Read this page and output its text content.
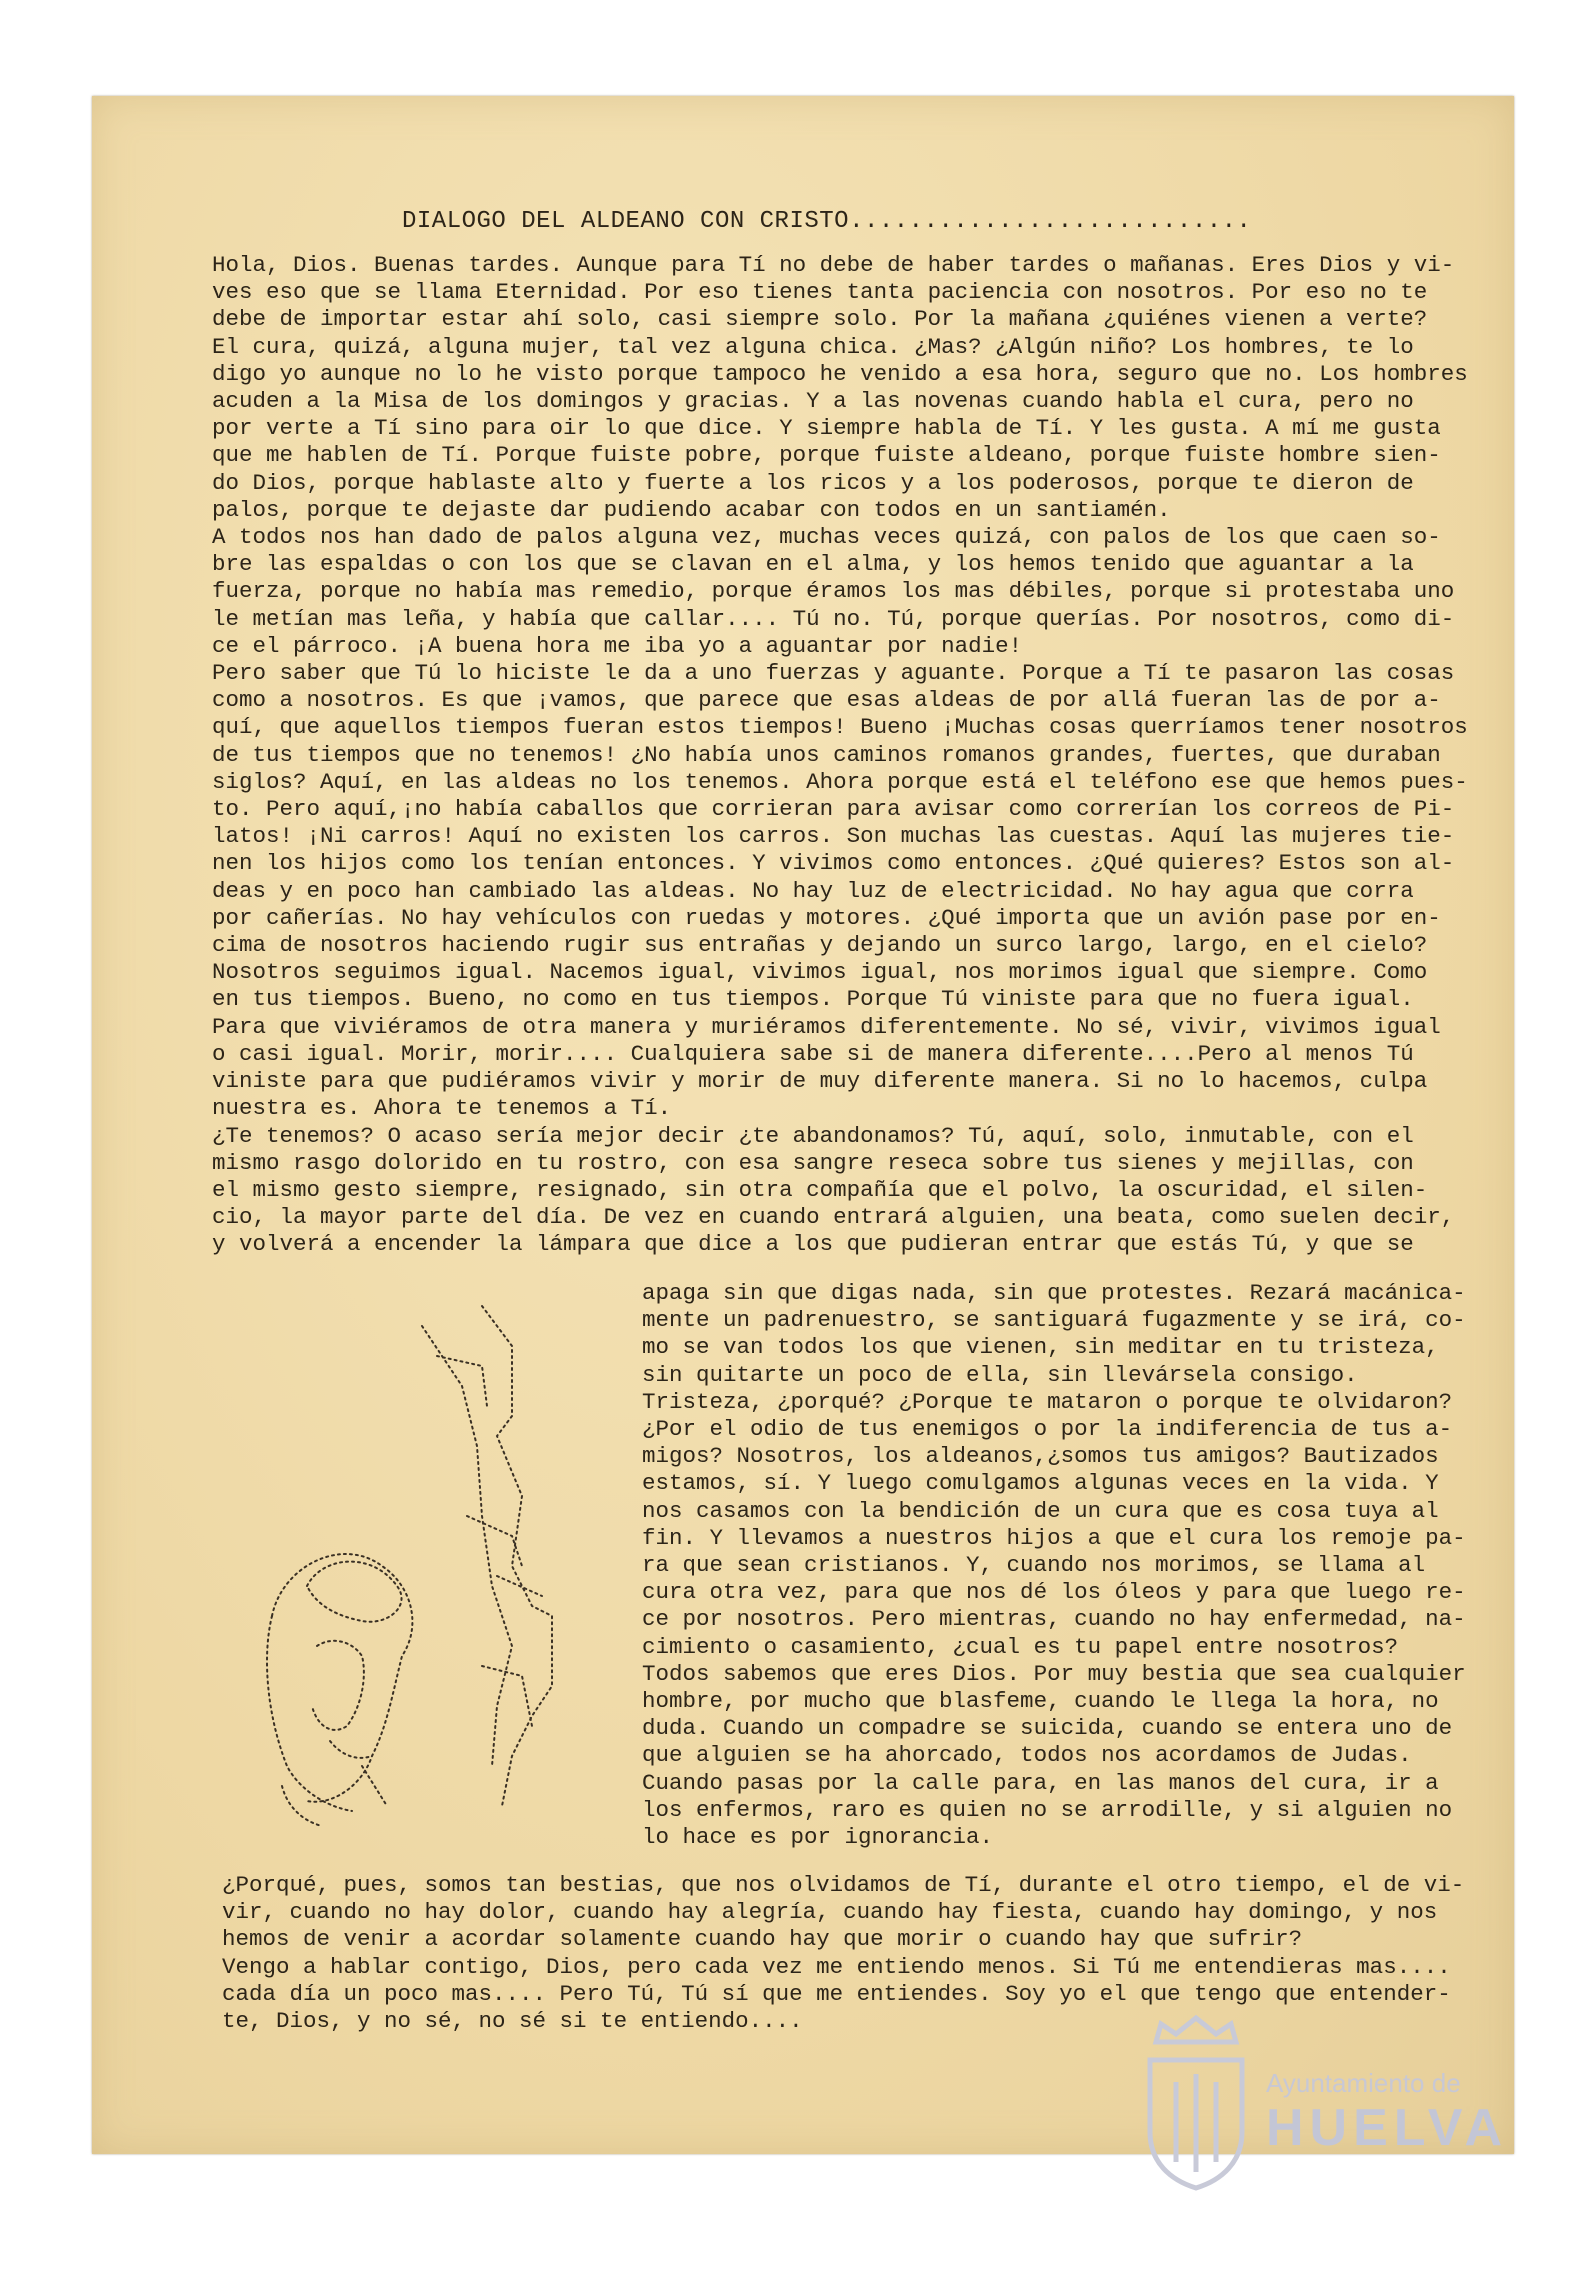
DIALOGO DEL ALDEANO CON CRISTO...........................

Hola, Dios. Buenas tardes. Aunque para Tí no debe de haber tardes o mañanas. Eres Dios y vi-

ves eso que se llama Eternidad. Por eso tienes tanta paciencia con nosotros. Por eso no te

debe de importar estar ahí solo, casi siempre solo. Por la mañana ¿quiénes vienen a verte?

El cura, quizá, alguna mujer, tal vez alguna chica. ¿Mas? ¿Algún niño? Los hombres, te lo

digo yo aunque no lo he visto porque tampoco he venido a esa hora, seguro que no. Los hombres

acuden a la Misa de los domingos y gracias. Y a las novenas cuando habla el cura, pero no

por verte a Tí sino para oir lo que dice. Y siempre habla de Tí. Y les gusta. A mí me gusta

que me hablen de Tí. Porque fuiste pobre, porque fuiste aldeano, porque fuiste hombre sien-

do Dios, porque hablaste alto y fuerte a los ricos y a los poderosos, porque te dieron de

palos, porque te dejaste dar pudiendo acabar con todos en un santiamén.

A todos nos han dado de palos alguna vez, muchas veces quizá, con palos de los que caen so-

bre las espaldas o con los que se clavan en el alma, y los hemos tenido que aguantar a la

fuerza, porque no había mas remedio, porque éramos los mas débiles, porque si protestaba uno

le metían mas leña, y había que callar.... Tú no. Tú, porque querías. Por nosotros, como di-

ce el párroco. ¡A buena hora me iba yo a aguantar por nadie!

Pero saber que Tú lo hiciste le da a uno fuerzas y aguante. Porque a Tí te pasaron las cosas

como a nosotros. Es que ¡vamos, que parece que esas aldeas de por allá fueran las de por a-

quí, que aquellos tiempos fueran estos tiempos! Bueno ¡Muchas cosas querríamos tener nosotros

de tus tiempos que no tenemos! ¿No había unos caminos romanos grandes, fuertes, que duraban

siglos? Aquí, en las aldeas no los tenemos. Ahora porque está el teléfono ese que hemos pues-

to. Pero aquí,¡no había caballos que corrieran para avisar como correrían los correos de Pi-

latos! ¡Ni carros! Aquí no existen los carros. Son muchas las cuestas. Aquí las mujeres tie-

nen los hijos como los tenían entonces. Y vivimos como entonces. ¿Qué quieres? Estos son al-

deas y en poco han cambiado las aldeas. No hay luz de electricidad. No hay agua que corra

por cañerías. No hay vehículos con ruedas y motores. ¿Qué importa que un avión pase por en-

cima de nosotros haciendo rugir sus entrañas y dejando un surco largo, largo, en el cielo?

Nosotros seguimos igual. Nacemos igual, vivimos igual, nos morimos igual que siempre. Como

en tus tiempos. Bueno, no como en tus tiempos. Porque Tú viniste para que no fuera igual.

Para que viviéramos de otra manera y muriéramos diferentemente. No sé, vivir, vivimos igual

o casi igual. Morir, morir.... Cualquiera sabe si de manera diferente....Pero al menos Tú

viniste para que pudiéramos vivir y morir de muy diferente manera. Si no lo hacemos, culpa

nuestra es. Ahora te tenemos a Tí.

¿Te tenemos? O acaso sería mejor decir ¿te abandonamos? Tú, aquí, solo, inmutable, con el

mismo rasgo dolorido en tu rostro, con esa sangre reseca sobre tus sienes y mejillas, con

el mismo gesto siempre, resignado, sin otra compañía que el polvo, la oscuridad, el silen-

cio, la mayor parte del día. De vez en cuando entrará alguien, una beata, como suelen decir,

y volverá a encender la lámpara que dice a los que pudieran entrar que estás Tú, y que se

apaga sin que digas nada, sin que protestes. Rezará macánica-

mente un padrenuestro, se santiguará fugazmente y se irá, co-

mo se van todos los que vienen, sin meditar en tu tristeza,

sin quitarte un poco de ella, sin llevársela consigo.

Tristeza, ¿porqué? ¿Porque te mataron o porque te olvidaron?

¿Por el odio de tus enemigos o por la indiferencia de tus a-

migos? Nosotros, los aldeanos,¿somos tus amigos? Bautizados

estamos, sí. Y luego comulgamos algunas veces en la vida. Y

nos casamos con la bendición de un cura que es cosa tuya al

fin. Y llevamos a nuestros hijos a que el cura los remoje pa-

ra que sean cristianos. Y, cuando nos morimos, se llama al

cura otra vez, para que nos dé los óleos y para que luego re-

ce por nosotros. Pero mientras, cuando no hay enfermedad, na-

cimiento o casamiento, ¿cual es tu papel entre nosotros?

Todos sabemos que eres Dios. Por muy bestia que sea cualquier

hombre, por mucho que blasfeme, cuando le llega la hora, no

duda. Cuando un compadre se suicida, cuando se entera uno de

que alguien se ha ahorcado, todos nos acordamos de Judas.

Cuando pasas por la calle para, en las manos del cura, ir a

los enfermos, raro es quien no se arrodille, y si alguien no

lo hace es por ignorancia.

¿Porqué, pues, somos tan bestias, que nos olvidamos de Tí, durante el otro tiempo, el de vi-

vir, cuando no hay dolor, cuando hay alegría, cuando hay fiesta, cuando hay domingo, y nos

hemos de venir a acordar solamente cuando hay que morir o cuando hay que sufrir?

Vengo a hablar contigo, Dios, pero cada vez me entiendo menos. Si Tú me entendieras mas....

cada día un poco mas.... Pero Tú, Tú sí que me entiendes. Soy yo el que tengo que entender-

te, Dios, y no sé, no sé si te entiendo....

Ayuntamiento de
HUELVA
